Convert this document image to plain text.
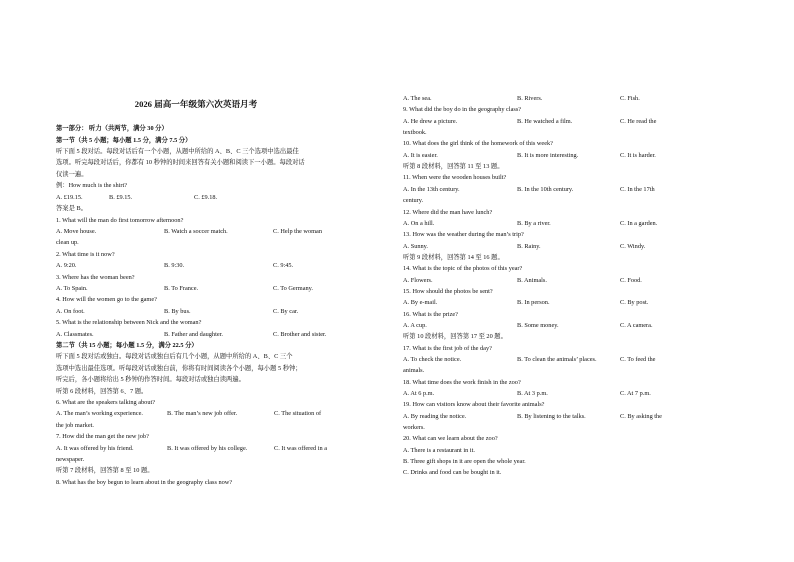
2026 届高一年级第六次英语月考
第一部分： 听力（共两节，满分 30 分）
第一节（共 5 小题；每小题 1.5 分，满分 7.5 分）
听下面 5 段对话。每段对话后有一个小题，从题中所给的 A、B、C 三个选项中选出最佳
选项。听完每段对话后，你都有 10 秒钟的时间来回答有关小题和阅读下一小题。每段对话
仅读一遍。
例：How much is the shirt?
A. £19.15.	B. £9.15.	C. £9.18.
答案是 B。
1. What will the man do first tomorrow afternoon?
A. Move house.	B. Watch a soccer match.	C. Help the woman
clean up.
2. What time is it now?
A. 9:20.	B. 9:30.	C. 9:45.
3. Where has the woman been?
A. To Spain.	B. To France.	C. To Germany.
4. How will the women go to the game?
A. On foot.	B. By bus.	C. By car.
5. What is the relationship between Nick and the woman?
A. Classmates.	B. Father and daughter.	C. Brother and sister.
第二节（共 15 小题；每小题 1.5 分，满分 22.5 分）
听下面 5 段对话或独白。每段对话或独白后有几个小题，从题中所给的 A、B、C 三个
选项中选出最佳选项。听每段对话或独白前，你将有时间阅读各个小题，每小题 5 秒钟；
听完后，各小题将给出 5 秒钟的作答时间。每段对话或独白读两遍。
听第 6 段材料，回答第 6、7 题。
6. What are the speakers talking about?
A. The man’s working experience.	B. The man’s new job offer.	C. The situation of
the job market.
7. How did the man get the new job?
A. It was offered by his friend.	B. It was offered by his college.	C. It was offered in a
newspaper.
听第 7 段材料，回答第 8 至 10 题。
8. What has the boy begun to learn about in the geography class now?
A. The sea.	B. Rivers.	C. Fish.
9. What did the boy do in the geography class?
A. He drew a picture.	B. He watched a film.	C. He read the
textbook.
10. What does the girl think of the homework of this week?
A. It is easier.	B. It is more interesting.	C. It is harder.
听第 8 段材料，回答第 11 至 13 题。
11. When were the wooden houses built?
A. In the 13th century.	B. In the 10th century.	C. In the 17th
century.
12. Where did the man have lunch?
A. On a hill.	B. By a river.	C. In a garden.
13. How was the weather during the man’s trip?
A. Sunny.	B. Rainy.	C. Windy.
听第 9 段材料，回答第 14 至 16 题。
14. What is the topic of the photos of this year?
A. Flowers.	B. Animals.	C. Food.
15. How should the photos be sent?
A. By e-mail.	B. In person.	C. By post.
16. What is the prize?
A. A cup.	B. Some money.	C. A camera.
听第 10 段材料，回答第 17 至 20 题。
17. What is the first job of the day?
A. To check the notice.	B. To clean the animals’ places.	C. To feed the
animals.
18. What time does the work finish in the zoo?
A. At 6 p.m.	B. At 3 p.m.	C. At 7 p.m.
19. How can visitors know about their favorite animals?
A. By reading the notice.	B. By listening to the talks.	C. By asking the
workers.
20. What can we learn about the zoo?
A. There is a restaurant in it.
B. Three gift shops in it are open the whole year.
C. Drinks and food can be bought in it.
